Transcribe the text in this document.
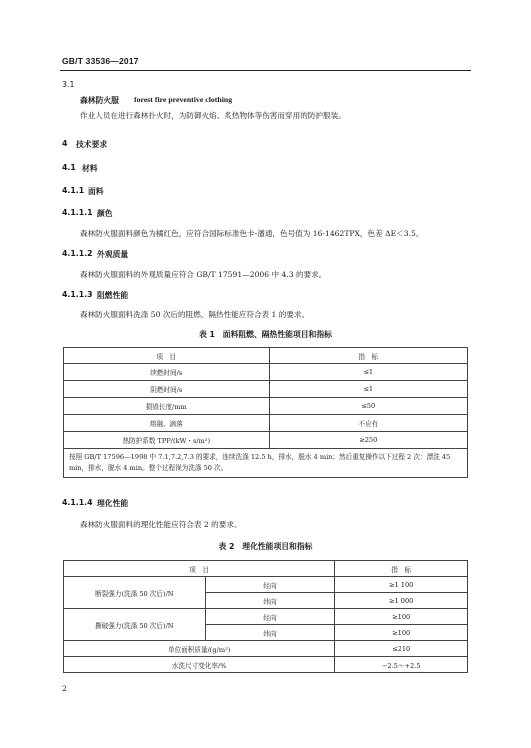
GB/T 33536—2017
3.1
森林防火服 forest fire preventive clothing
作业人员在进行森林扑火时，为防御火焰、炙热物体等伤害而穿用的防护服装。
4 技术要求
4.1 材料
4.1.1 面料
4.1.1.1 颜色
森林防火服面料颜色为橘红色，应符合国际标准色卡-潘通，色号值为 16-1462TPX，色差 ΔE＜3.5。
4.1.1.2 外观质量
森林防火服面料的外观质量应符合 GB/T 17591—2006 中 4.3 的要求。
4.1.1.3 阻燃性能
森林防火服面料洗涤 50 次后的阻燃、隔热性能应符合表 1 的要求。
表 1　面料阻燃、隔热性能项目和指标
项　目	指　标
续燃时间/s	≤1
阴燃时间/s	≤1
损毁长度/mm	≤50
熔融、滴落	不应有
热防护系数 TPP/(kW・s/m²)	≥250
按照 GB/T 17596—1998 中 7.1,7.2,7.3 的要求，连续洗涤 12.5 h，排水，脱水 4 min；然后重复操作以下过程 2 次：漂洗 45 min，排水，脱水 4 min。整个过程视为洗涤 50 次。	
4.1.1.4 理化性能
森林防火服面料的理化性能应符合表 2 的要求。
表 2　理化性能项目和指标
项　目		指　标
断裂强力(洗涤 50 次后)/N	经向	≥1 100
	纬向	≥1 000
撕破强力(洗涤 50 次后)/N	经向	≥100
	纬向	≥100
单位面积质量/(g/m²)		≤210
水洗尺寸变化率/%		−2.5～+2.5
2
